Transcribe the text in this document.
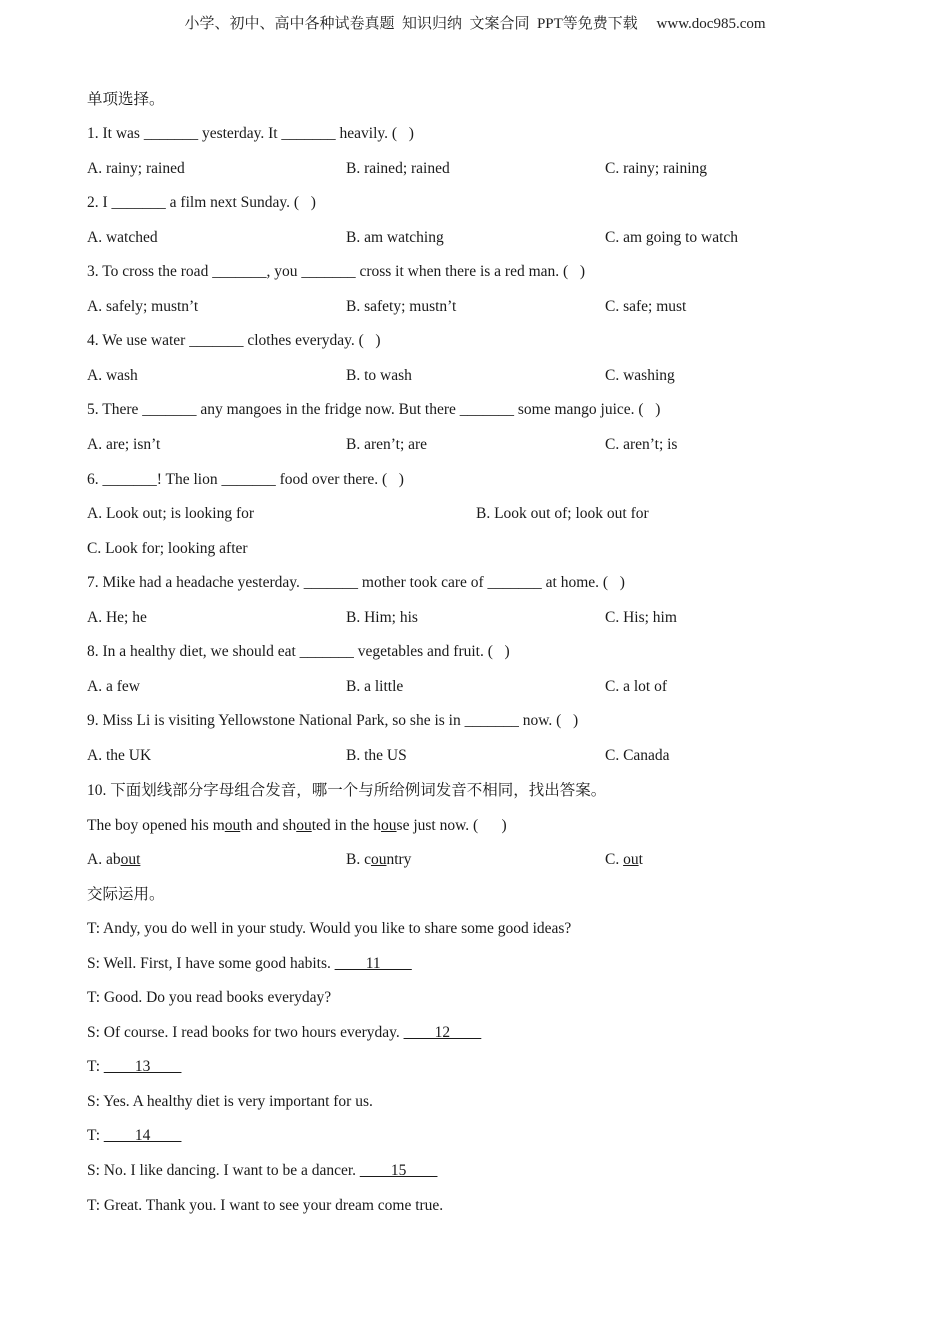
小学、初中、高中各种试卷真题  知识归纳  文案合同  PPT等免费下载     www.doc985.com
单项选择。
1. It was _______ yesterday. It _______ heavily. (   )
A. rainy; rained	B. rained; rained	C. rainy; raining
2. I _______ a film next Sunday. (   )
A. watched	B. am watching	C. am going to watch
3. To cross the road _______, you _______ cross it when there is a red man. (   )
A. safely; mustn’t	B. safety; mustn’t	C. safe; must
4. We use water _______ clothes everyday. (   )
A. wash	B. to wash	C. washing
5. There _______ any mangoes in the fridge now. But there _______ some mango juice. (   )
A. are; isn’t	B. aren’t; are	C. aren’t; is
6. _______! The lion _______ food over there. (   )
A. Look out; is looking for	B. Look out of; look out for
C. Look for; looking after
7. Mike had a headache yesterday. _______ mother took care of _______ at home. (   )
A. He; he	B. Him; his	C. His; him
8. In a healthy diet, we should eat _______ vegetables and fruit. (   )
A. a few	B. a little	C. a lot of
9. Miss Li is visiting Yellowstone National Park, so she is in _______ now. (   )
A. the UK	B. the US	C. Canada
10. 下面划线部分字母组合发音，哪一个与所给例词发音不相同，找出答案。
The boy opened his mouth and shouted in the house just now. (      )
A. about	B. country	C. out
交际运用。
T: Andy, you do well in your study. Would you like to share some good ideas?
S: Well. First, I have some good habits. ____11____
T: Good. Do you read books everyday?
S: Of course. I read books for two hours everyday. ____12____
T: ____13____
S: Yes. A healthy diet is very important for us.
T: ____14____
S: No. I like dancing. I want to be a dancer. ____15____
T: Great. Thank you. I want to see your dream come true.
